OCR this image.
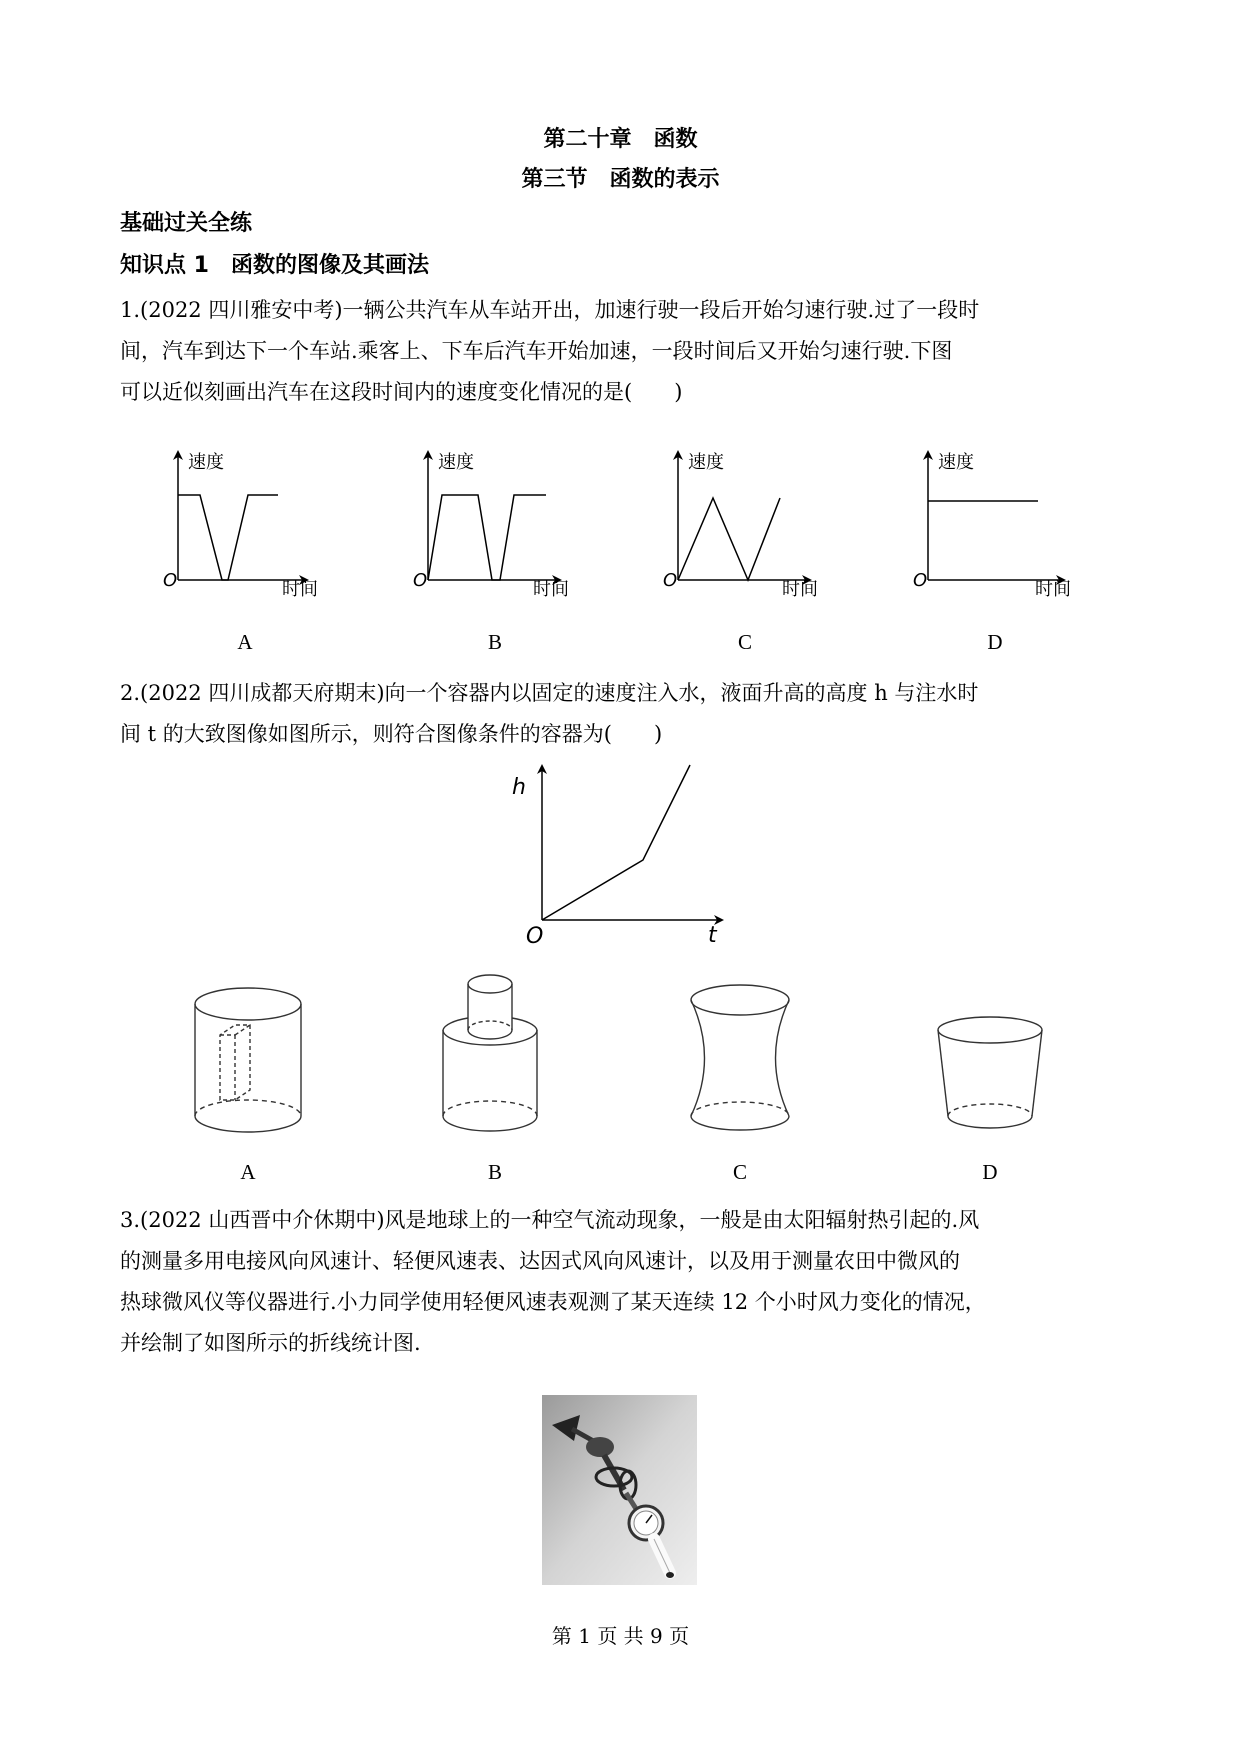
第二十章　函数
第三节　函数的表示
基础过关全练
知识点 1　函数的图像及其画法
1.(2022 四川雅安中考)一辆公共汽车从车站开出，加速行驶一段后开始匀速行驶.过了一段时
间，汽车到达下一个车站.乘客上、下车后汽车开始加速，一段时间后又开始匀速行驶.下图
可以近似刻画出汽车在这段时间内的速度变化情况的是(　　)
速度
时间
O
速度
时间
O
速度
时间
O
速度
时间
O
A	B	C	D
2.(2022 四川成都天府期末)向一个容器内以固定的速度注入水，液面升高的高度 h 与注水时
间 t 的大致图像如图所示，则符合图像条件的容器为(　　)
h
t
O
A	B	C	D
3.(2022 山西晋中介休期中)风是地球上的一种空气流动现象，一般是由太阳辐射热引起的.风
的测量多用电接风向风速计、轻便风速表、达因式风向风速计，以及用于测量农田中微风的
热球微风仪等仪器进行.小力同学使用轻便风速表观测了某天连续 12 个小时风力变化的情况，
并绘制了如图所示的折线统计图.
第 1 页 共 9 页
